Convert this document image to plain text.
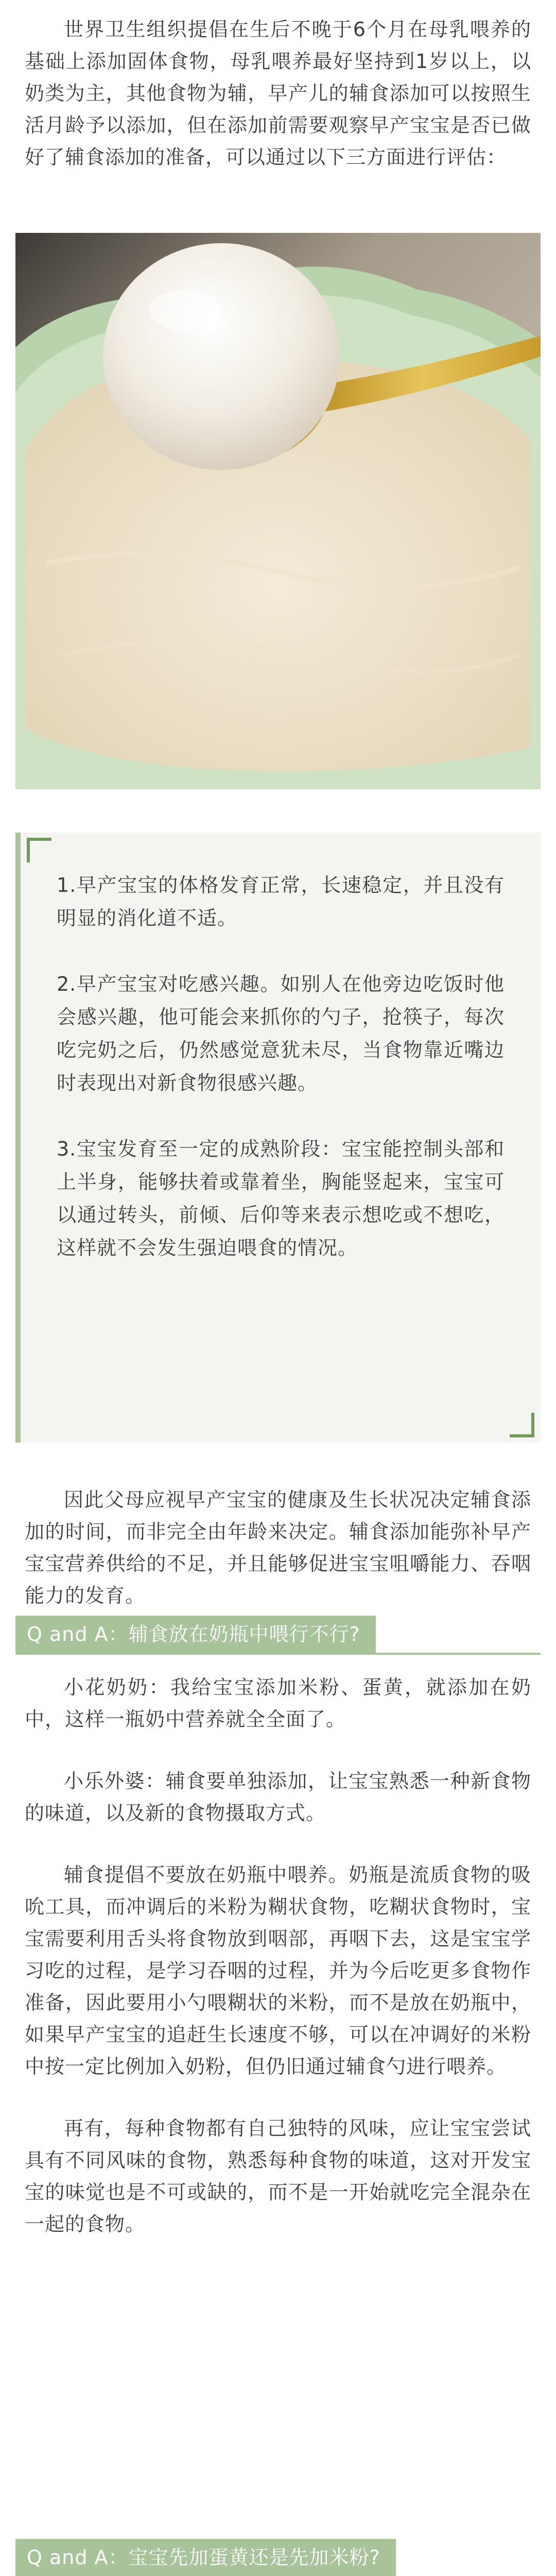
世界卫生组织提倡在生后不晚于6个月在母乳喂养的基础上添加固体食物，母乳喂养最好坚持到1岁以上，以奶类为主，其他食物为辅，早产儿的辅食添加可以按照生活月龄予以添加，但在添加前需要观察早产宝宝是否已做好了辅食添加的准备，可以通过以下三方面进行评估：

1.早产宝宝的体格发育正常，长速稳定，并且没有明显的消化道不适。

2.早产宝宝对吃感兴趣。如别人在他旁边吃饭时他会感兴趣，他可能会来抓你的勺子，抢筷子，每次吃完奶之后，仍然感觉意犹未尽，当食物靠近嘴边时表现出对新食物很感兴趣。

3.宝宝发育至一定的成熟阶段：宝宝能控制头部和上半身，能够扶着或靠着坐，胸能竖起来，宝宝可以通过转头，前倾、后仰等来表示想吃或不想吃，这样就不会发生强迫喂食的情况。

因此父母应视早产宝宝的健康及生长状况决定辅食添加的时间，而非完全由年龄来决定。辅食添加能弥补早产宝宝营养供给的不足，并且能够促进宝宝咀嚼能力、吞咽能力的发育。

Q and A：辅食放在奶瓶中喂行不行?

小花奶奶：我给宝宝添加米粉、蛋黄，就添加在奶中，这样一瓶奶中营养就全全面了。

小乐外婆：辅食要单独添加，让宝宝熟悉一种新食物的味道，以及新的食物摄取方式。

辅食提倡不要放在奶瓶中喂养。奶瓶是流质食物的吸吮工具，而冲调后的米粉为糊状食物，吃糊状食物时，宝宝需要利用舌头将食物放到咽部，再咽下去，这是宝宝学习吃的过程，是学习吞咽的过程，并为今后吃更多食物作准备，因此要用小勺喂糊状的米粉，而不是放在奶瓶中，如果早产宝宝的追赶生长速度不够，可以在冲调好的米粉中按一定比例加入奶粉，但仍旧通过辅食勺进行喂养。

再有，每种食物都有自己独特的风味，应让宝宝尝试具有不同风味的食物，熟悉每种食物的味道，这对开发宝宝的味觉也是不可或缺的，而不是一开始就吃完全混杂在一起的食物。

Q and A：宝宝先加蛋黄还是先加米粉?
